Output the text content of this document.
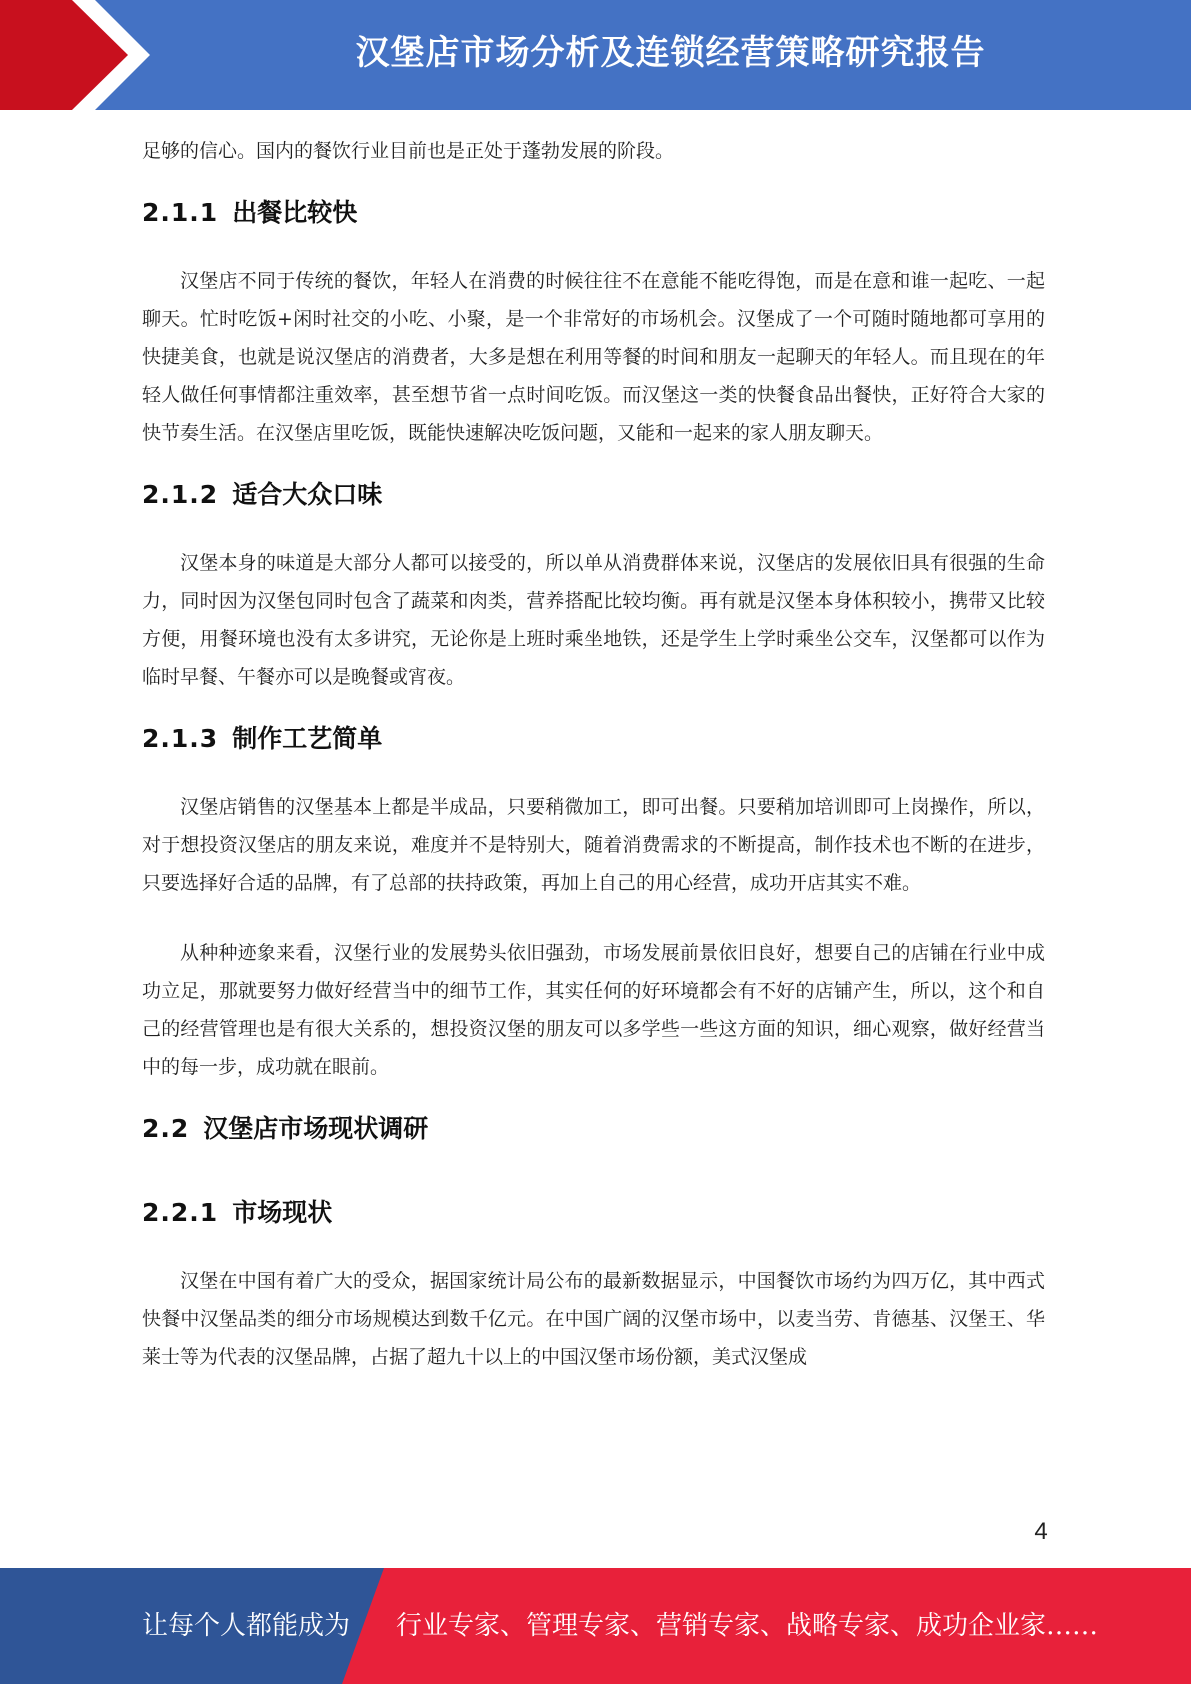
汉堡店市场分析及连锁经营策略研究报告

足够的信心。国内的餐饮行业目前也是正处于蓬勃发展的阶段。

2.1.1 出餐比较快

汉堡店不同于传统的餐饮，年轻人在消费的时候往往不在意能不能吃得饱，而是在意和谁一起吃、一起聊天。忙时吃饭+闲时社交的小吃、小聚，是一个非常好的市场机会。汉堡成了一个可随时随地都可享用的快捷美食，也就是说汉堡店的消费者，大多是想在利用等餐的时间和朋友一起聊天的年轻人。而且现在的年轻人做任何事情都注重效率，甚至想节省一点时间吃饭。而汉堡这一类的快餐食品出餐快，正好符合大家的快节奏生活。在汉堡店里吃饭，既能快速解决吃饭问题，又能和一起来的家人朋友聊天。

2.1.2 适合大众口味

汉堡本身的味道是大部分人都可以接受的，所以单从消费群体来说，汉堡店的发展依旧具有很强的生命力，同时因为汉堡包同时包含了蔬菜和肉类，营养搭配比较均衡。再有就是汉堡本身体积较小，携带又比较方便，用餐环境也没有太多讲究，无论你是上班时乘坐地铁，还是学生上学时乘坐公交车，汉堡都可以作为临时早餐、午餐亦可以是晚餐或宵夜。

2.1.3 制作工艺简单

汉堡店销售的汉堡基本上都是半成品，只要稍微加工，即可出餐。只要稍加培训即可上岗操作，所以，对于想投资汉堡店的朋友来说，难度并不是特别大，随着消费需求的不断提高，制作技术也不断的在进步，只要选择好合适的品牌，有了总部的扶持政策，再加上自己的用心经营，成功开店其实不难。

从种种迹象来看，汉堡行业的发展势头依旧强劲，市场发展前景依旧良好，想要自己的店铺在行业中成功立足，那就要努力做好经营当中的细节工作，其实任何的好环境都会有不好的店铺产生，所以，这个和自己的经营管理也是有很大关系的，想投资汉堡的朋友可以多学些一些这方面的知识，细心观察，做好经营当中的每一步，成功就在眼前。

2.2 汉堡店市场现状调研
2.2.1 市场现状

汉堡在中国有着广大的受众，据国家统计局公布的最新数据显示，中国餐饮市场约为四万亿，其中西式快餐中汉堡品类的细分市场规模达到数千亿元。在中国广阔的汉堡市场中，以麦当劳、肯德基、汉堡王、华莱士等为代表的汉堡品牌，占据了超九十以上的中国汉堡市场份额，美式汉堡成

4
让每个人都能成为 行业专家、管理专家、营销专家、战略专家、成功企业家……
